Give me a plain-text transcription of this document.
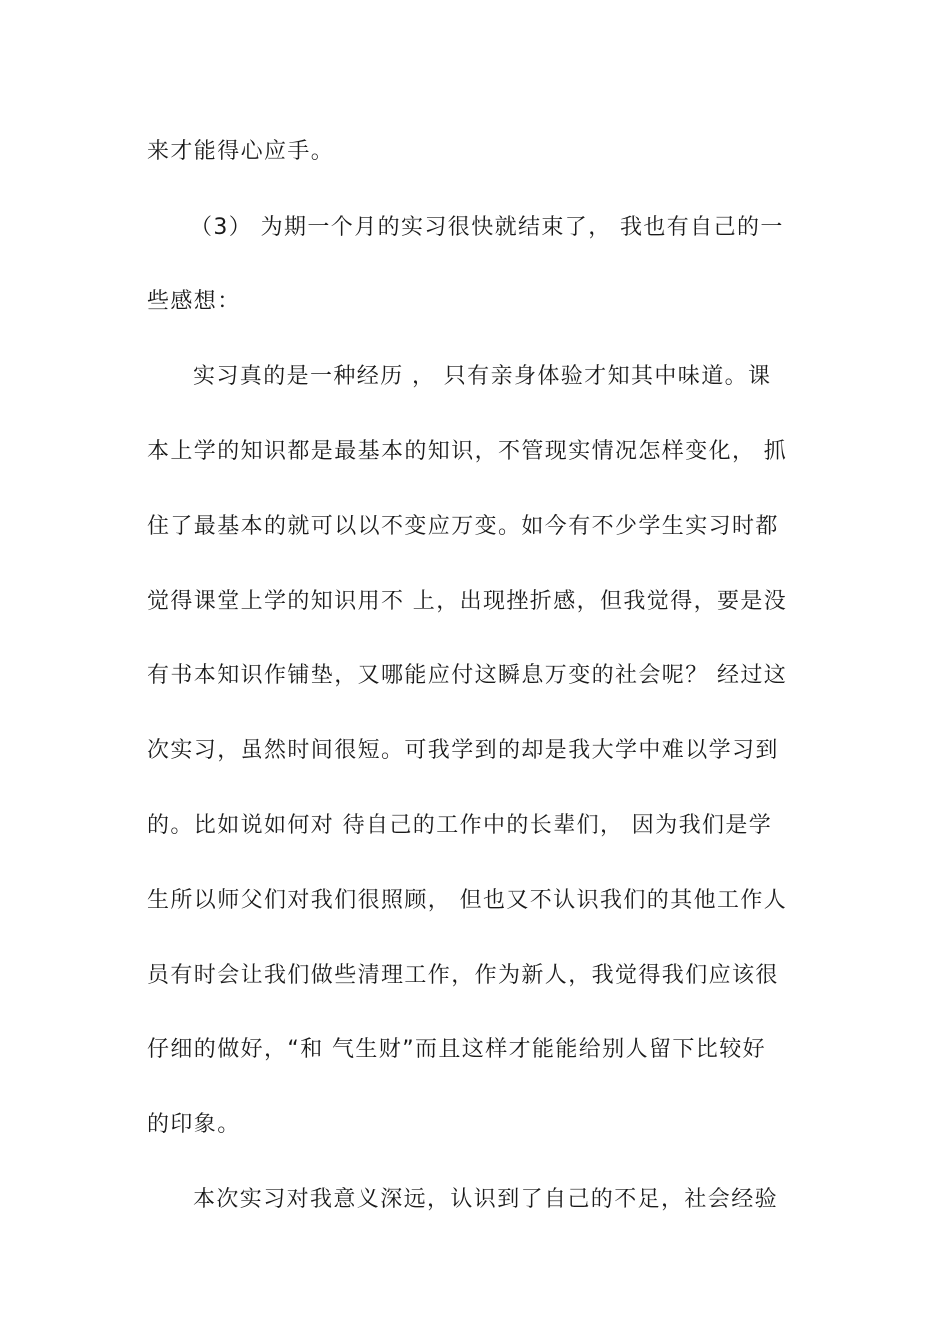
来才能得心应手。
（3） 为期一个月的实习很快就结束了， 我也有自己的一
些感想：
实习真的是一种经历 ， 只有亲身体验才知其中味道。课
本上学的知识都是最基本的知识，不管现实情况怎样变化， 抓
住了最基本的就可以以不变应万变。如今有不少学生实习时都
觉得课堂上学的知识用不 上，出现挫折感，但我觉得，要是没
有书本知识作铺垫，又哪能应付这瞬息万变的社会呢？ 经过这
次实习，虽然时间很短。可我学到的却是我大学中难以学习到
的。比如说如何对 待自己的工作中的长辈们， 因为我们是学
生所以师父们对我们很照顾， 但也又不认识我们的其他工作人
员有时会让我们做些清理工作，作为新人，我觉得我们应该很
仔细的做好，“和 气生财”而且这样才能能给别人留下比较好
的印象。
本次实习对我意义深远，认识到了自己的不足，社会经验
